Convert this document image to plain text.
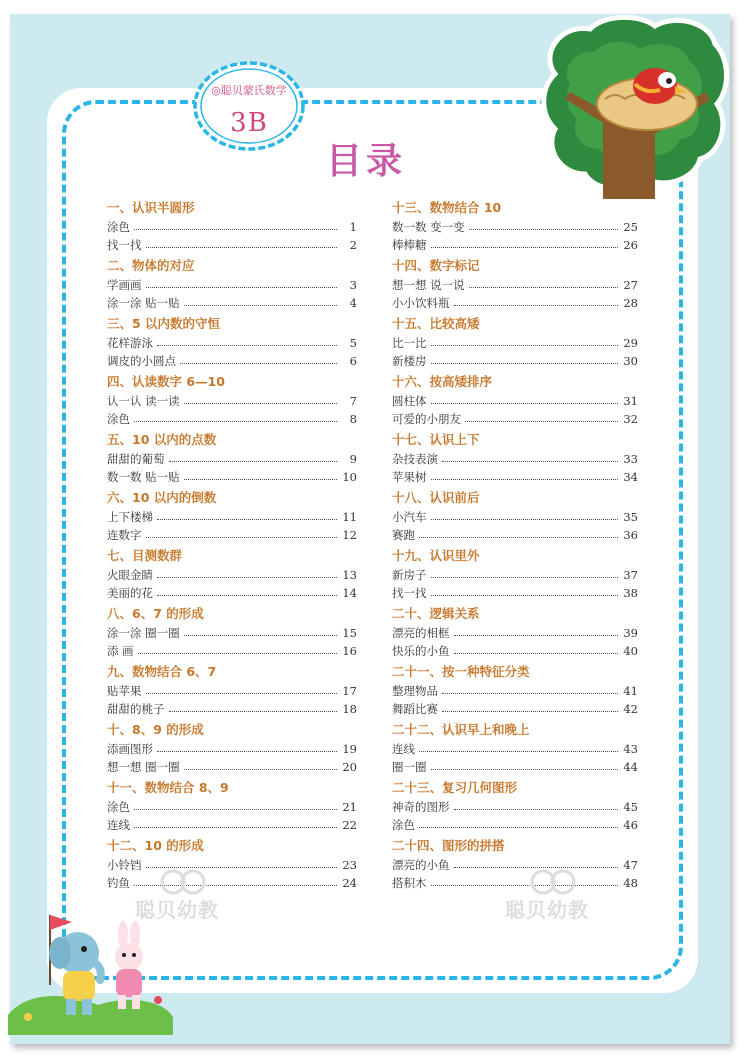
◎聪贝蒙氏数学
3B
目录
一、认识半圆形
涂色	1
找一找	2
二、物体的对应
学画画	3
涂一涂 贴一贴	4
三、5 以内数的守恒
花样游泳	5
调皮的小圆点	6
四、认读数字 6—10
认一认 读一读	7
涂色	8
五、10 以内的点数
甜甜的葡萄	9
数一数 贴一贴	10
六、10 以内的倒数
上下楼梯	11
连数字	12
七、目测数群
火眼金睛	13
美丽的花	14
八、6、7 的形成
涂一涂 圈一圈	15
添 画	16
九、数物结合 6、7
贴苹果	17
甜甜的桃子	18
十、8、9 的形成
添画图形	19
想一想 圈一圈	20
十一、数物结合 8、9
涂色	21
连线	22
十二、10 的形成
小铃铛	23
钓鱼	24
十三、数物结合 10
数一数 变一变	25
棒棒糖	26
十四、数字标记
想一想 说一说	27
小小饮料瓶	28
十五、比较高矮
比一比	29
新楼房	30
十六、按高矮排序
圆柱体	31
可爱的小朋友	32
十七、认识上下
杂技表演	33
苹果树	34
十八、认识前后
小汽车	35
赛跑	36
十九、认识里外
新房子	37
找一找	38
二十、逻辑关系
漂亮的相框	39
快乐的小鱼	40
二十一、按一种特征分类
整理物品	41
舞蹈比赛	42
二十二、认识早上和晚上
连线	43
圈一圈	44
二十三、复习几何图形
神奇的图形	45
涂色	46
二十四、图形的拼搭
漂亮的小鱼	47
搭积木	48
聪贝幼教	聪贝幼教
